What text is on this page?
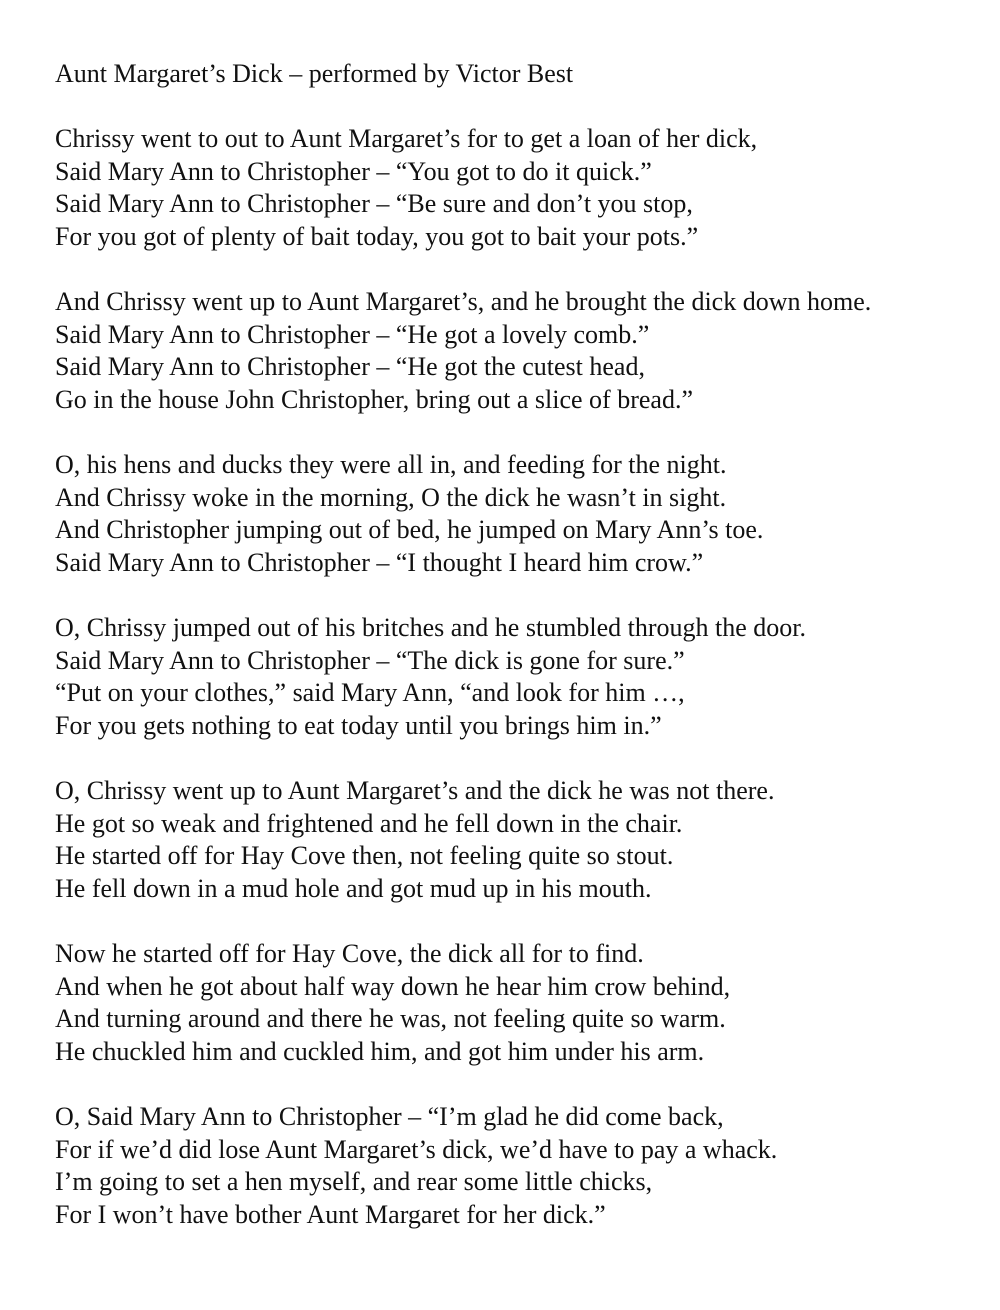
Aunt Margaret’s Dick – performed by Victor Best
Chrissy went to out to Aunt Margaret’s for to get a loan of her dick,
Said Mary Ann to Christopher – “You got to do it quick.”
Said Mary Ann to Christopher – “Be sure and don’t you stop,
For you got of plenty of bait today, you got to bait your pots.”
And Chrissy went up to Aunt Margaret’s, and he brought the dick down home.
Said Mary Ann to Christopher – “He got a lovely comb.”
Said Mary Ann to Christopher – “He got the cutest head,
Go in the house John Christopher, bring out a slice of bread.”
O, his hens and ducks they were all in, and feeding for the night.
And Chrissy woke in the morning, O the dick he wasn’t in sight.
And Christopher jumping out of bed, he jumped on Mary Ann’s toe.
Said Mary Ann to Christopher – “I thought I heard him crow.”
O, Chrissy jumped out of his britches and he stumbled through the door.
Said Mary Ann to Christopher – “The dick is gone for sure.”
“Put on your clothes,” said Mary Ann, “and look for him …,
For you gets nothing to eat today until you brings him in.”
O, Chrissy went up to Aunt Margaret’s and the dick he was not there.
He got so weak and frightened and he fell down in the chair.
He started off for Hay Cove then, not feeling quite so stout.
He fell down in a mud hole and got mud up in his mouth.
Now he started off for Hay Cove, the dick all for to find.
And when he got about half way down he hear him crow behind,
And turning around and there he was, not feeling quite so warm.
He chuckled him and cuckled him, and got him under his arm.
O, Said Mary Ann to Christopher – “I’m glad he did come back,
For if we’d did lose Aunt Margaret’s dick, we’d have to pay a whack.
I’m going to set a hen myself, and rear some little chicks,
For I won’t have bother Aunt Margaret for her dick.”
